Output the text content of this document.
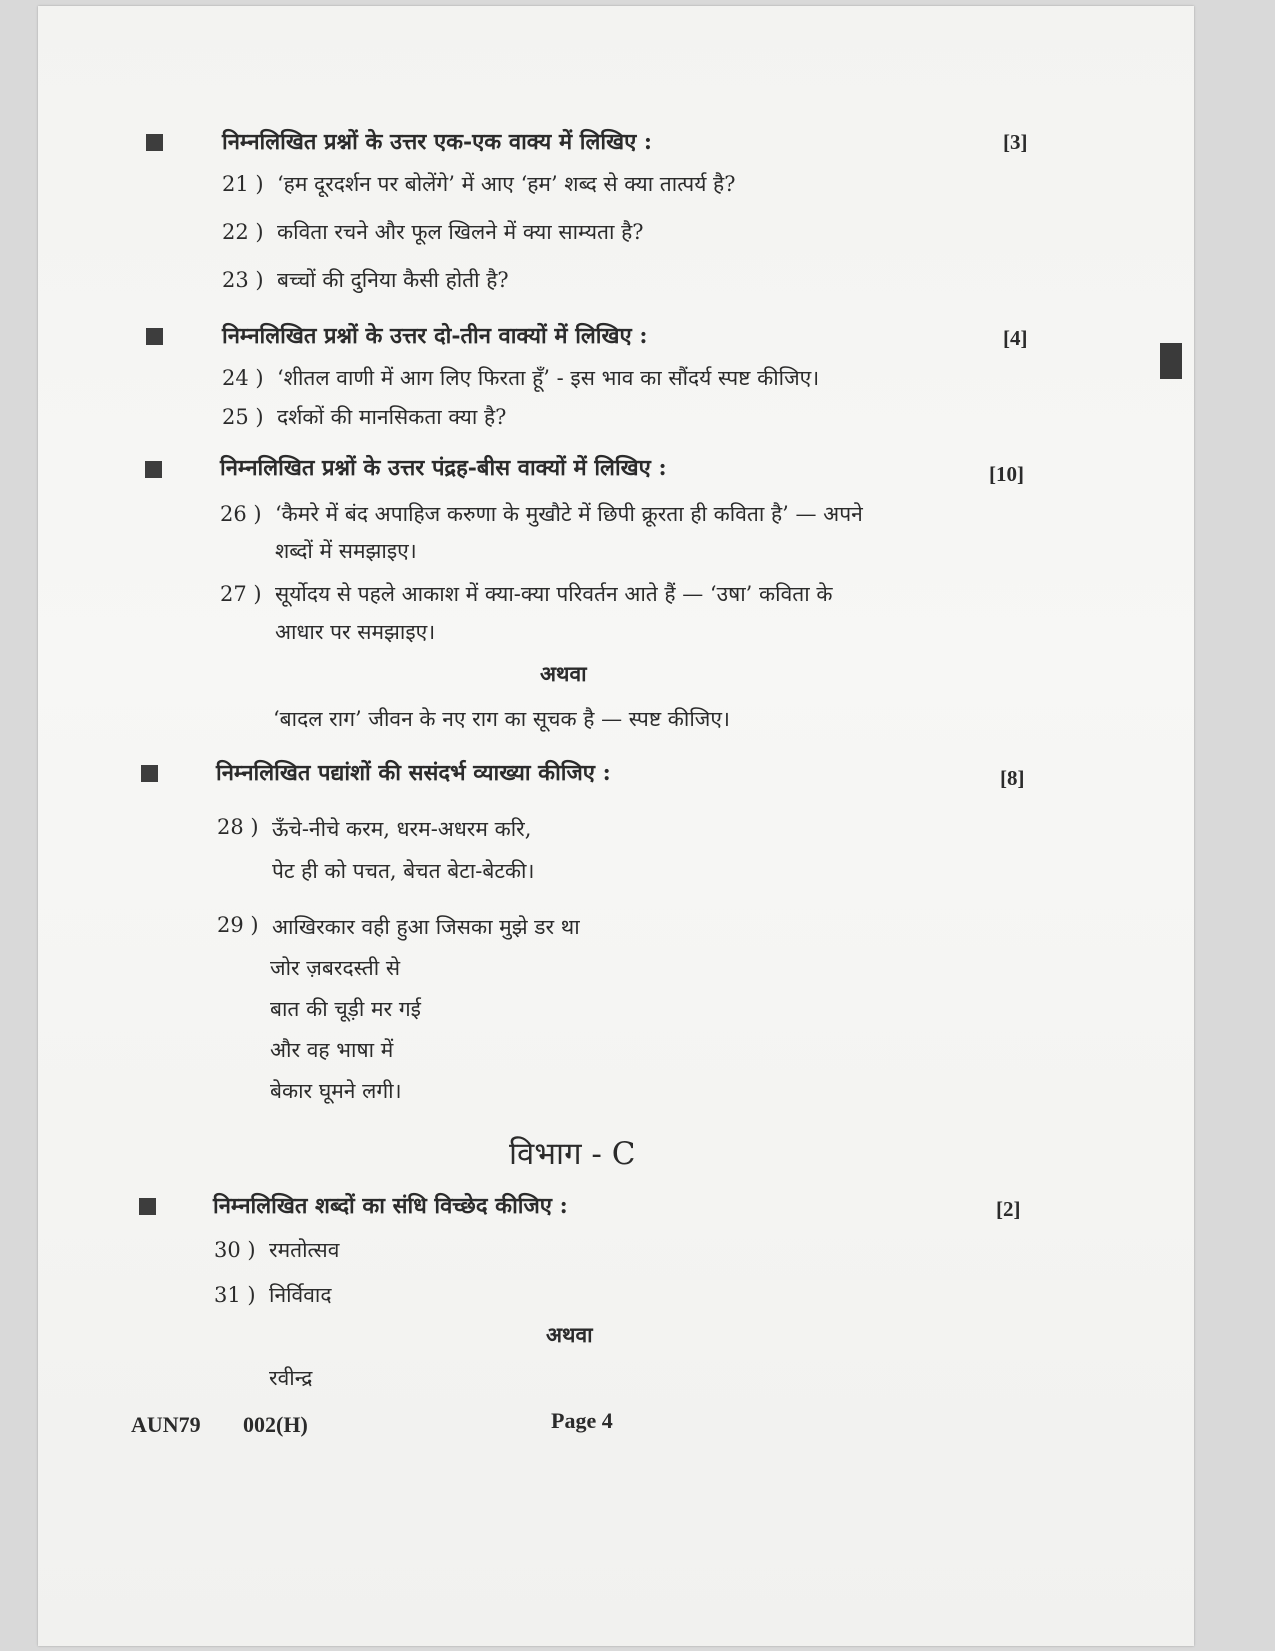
निम्नलिखित प्रश्नों के उत्तर एक-एक वाक्य में लिखिए :	[3]
21 ) ‘हम दूरदर्शन पर बोलेंगे’ में आए ‘हम’ शब्द से क्या तात्पर्य है?
22 ) कविता रचने और फूल खिलने में क्या साम्यता है?
23 ) बच्चों की दुनिया कैसी होती है?
निम्नलिखित प्रश्नों के उत्तर दो-तीन वाक्यों में लिखिए :	[4]
24 ) ‘शीतल वाणी में आग लिए फिरता हूँ’ - इस भाव का सौंदर्य स्पष्ट कीजिए।
25 ) दर्शकों की मानसिकता क्या है?
निम्नलिखित प्रश्नों के उत्तर पंद्रह-बीस वाक्यों में लिखिए :	[10]
26 ) ‘कैमरे में बंद अपाहिज करुणा के मुखौटे में छिपी क्रूरता ही कविता है’ — अपने
शब्दों में समझाइए।
27 ) सूर्योदय से पहले आकाश में क्या-क्या परिवर्तन आते हैं — ‘उषा’ कविता के
आधार पर समझाइए।
अथवा
‘बादल राग’ जीवन के नए राग का सूचक है — स्पष्ट कीजिए।
निम्नलिखित पद्यांशों की ससंदर्भ व्याख्या कीजिए :	[8]
28 ) ऊँचे-नीचे करम, धरम-अधरम करि,
पेट ही को पचत, बेचत बेटा-बेटकी।
29 ) आखिरकार वही हुआ जिसका मुझे डर था
जोर ज़बरदस्ती से
बात की चूड़ी मर गई
और वह भाषा में
बेकार घूमने लगी।
विभाग - C
निम्नलिखित शब्दों का संधि विच्छेद कीजिए :	[2]
30 ) रमतोत्सव
31 ) निर्विवाद
अथवा
रवीन्द्र
AUN79 002(H)	Page 4
